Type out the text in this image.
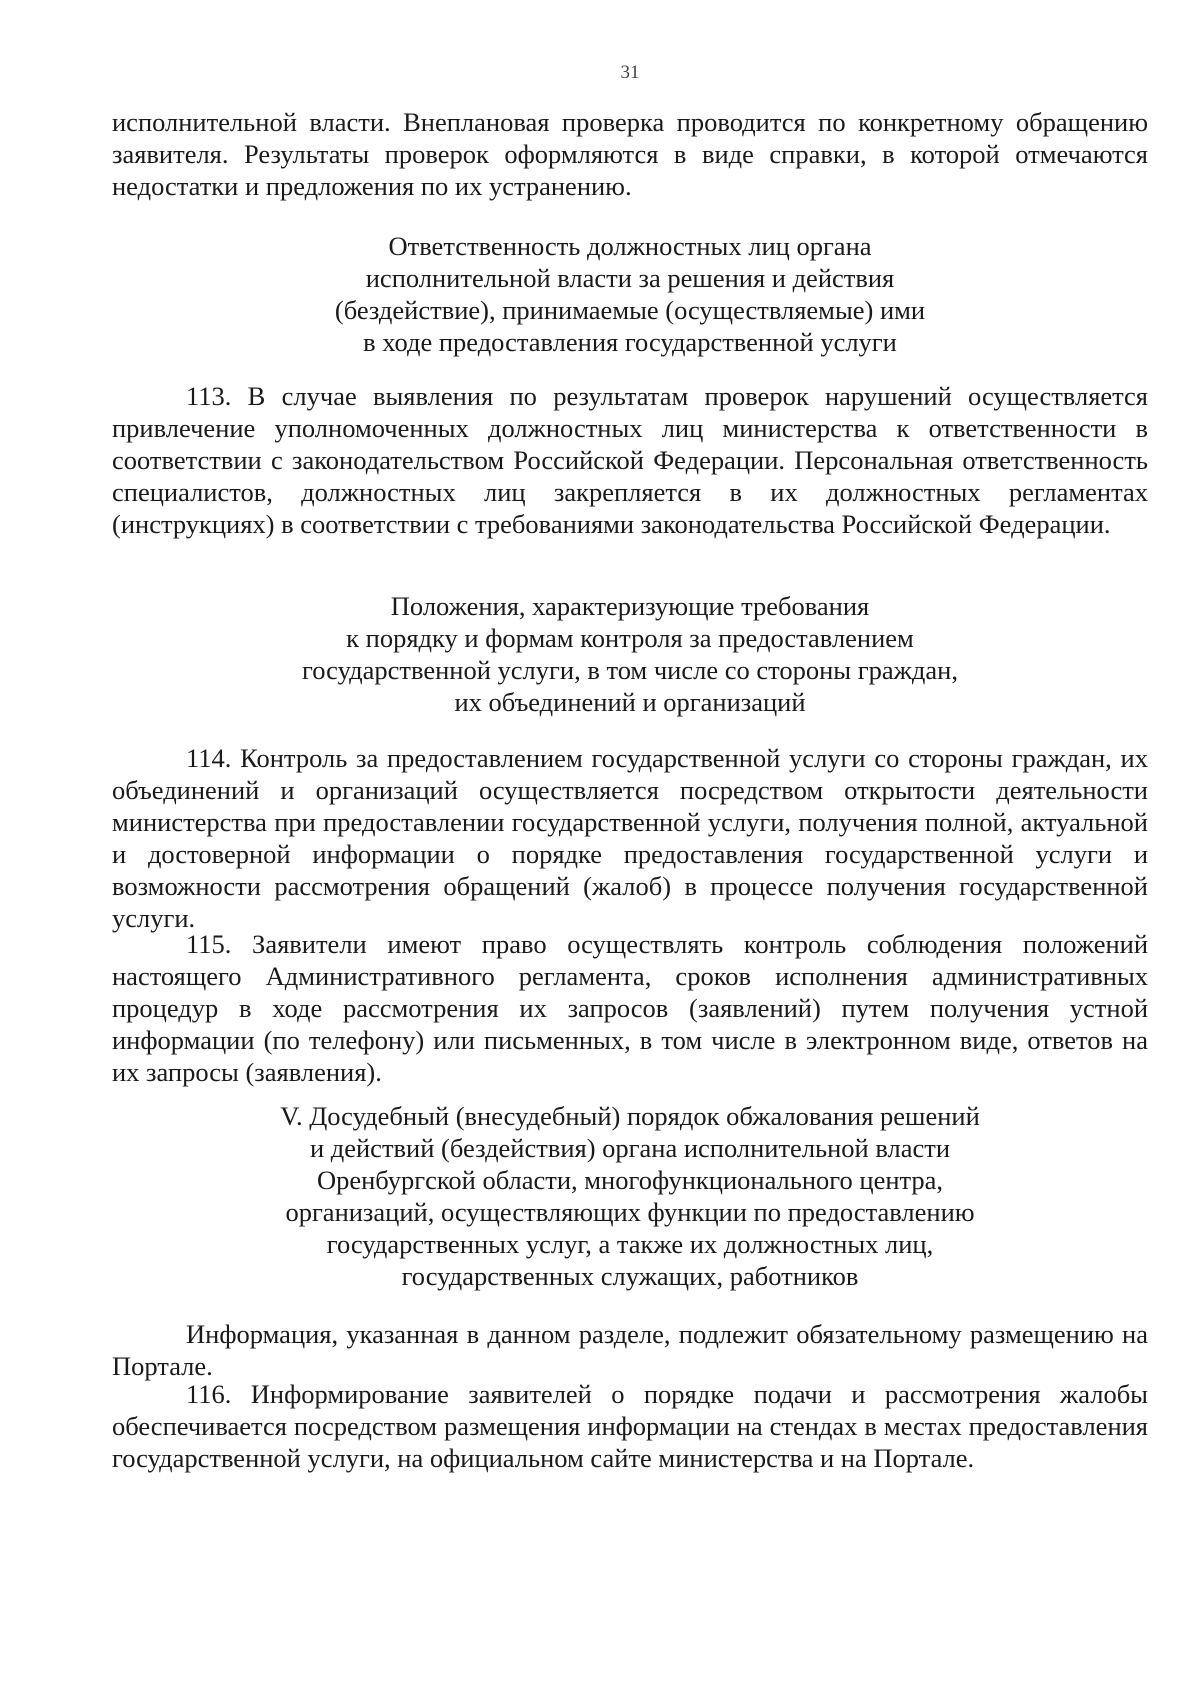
31

исполнительной власти. Внеплановая проверка проводится по конкретному обращению заявителя. Результаты проверок оформляются в виде справки, в которой отмечаются недостатки и предложения по их устранению.

Ответственность должностных лиц органа
исполнительной власти за решения и действия
(бездействие), принимаемые (осуществляемые) ими
в ходе предоставления государственной услуги

113. В случае выявления по результатам проверок нарушений осуществляется привлечение уполномоченных должностных лиц министерства к ответственности в соответствии с законодательством Российской Федерации. Персональная ответственность специалистов, должностных лиц закрепляется в их должностных регламентах (инструкциях) в соответствии с требованиями законодательства Российской Федерации.

Положения, характеризующие требования
к порядку и формам контроля за предоставлением
государственной услуги, в том числе со стороны граждан,
их объединений и организаций

114. Контроль за предоставлением государственной услуги со стороны граждан, их объединений и организаций осуществляется посредством открытости деятельности министерства при предоставлении государственной услуги, получения полной, актуальной и достоверной информации о порядке предоставления государственной услуги и возможности рассмотрения обращений (жалоб) в процессе получения государственной услуги.

115. Заявители имеют право осуществлять контроль соблюдения положений настоящего Административного регламента, сроков исполнения административных процедур в ходе рассмотрения их запросов (заявлений) путем получения устной информации (по телефону) или письменных, в том числе в электронном виде, ответов на их запросы (заявления).

V. Досудебный (внесудебный) порядок обжалования решений
и действий (бездействия) органа исполнительной власти
Оренбургской области, многофункционального центра,
организаций, осуществляющих функции по предоставлению
государственных услуг, а также их должностных лиц,
государственных служащих, работников

Информация, указанная в данном разделе, подлежит обязательному размещению на Портале.

116. Информирование заявителей о порядке подачи и рассмотрения жалобы обеспечивается посредством размещения информации на стендах в местах предоставления государственной услуги, на официальном сайте министерства и на Портале.
